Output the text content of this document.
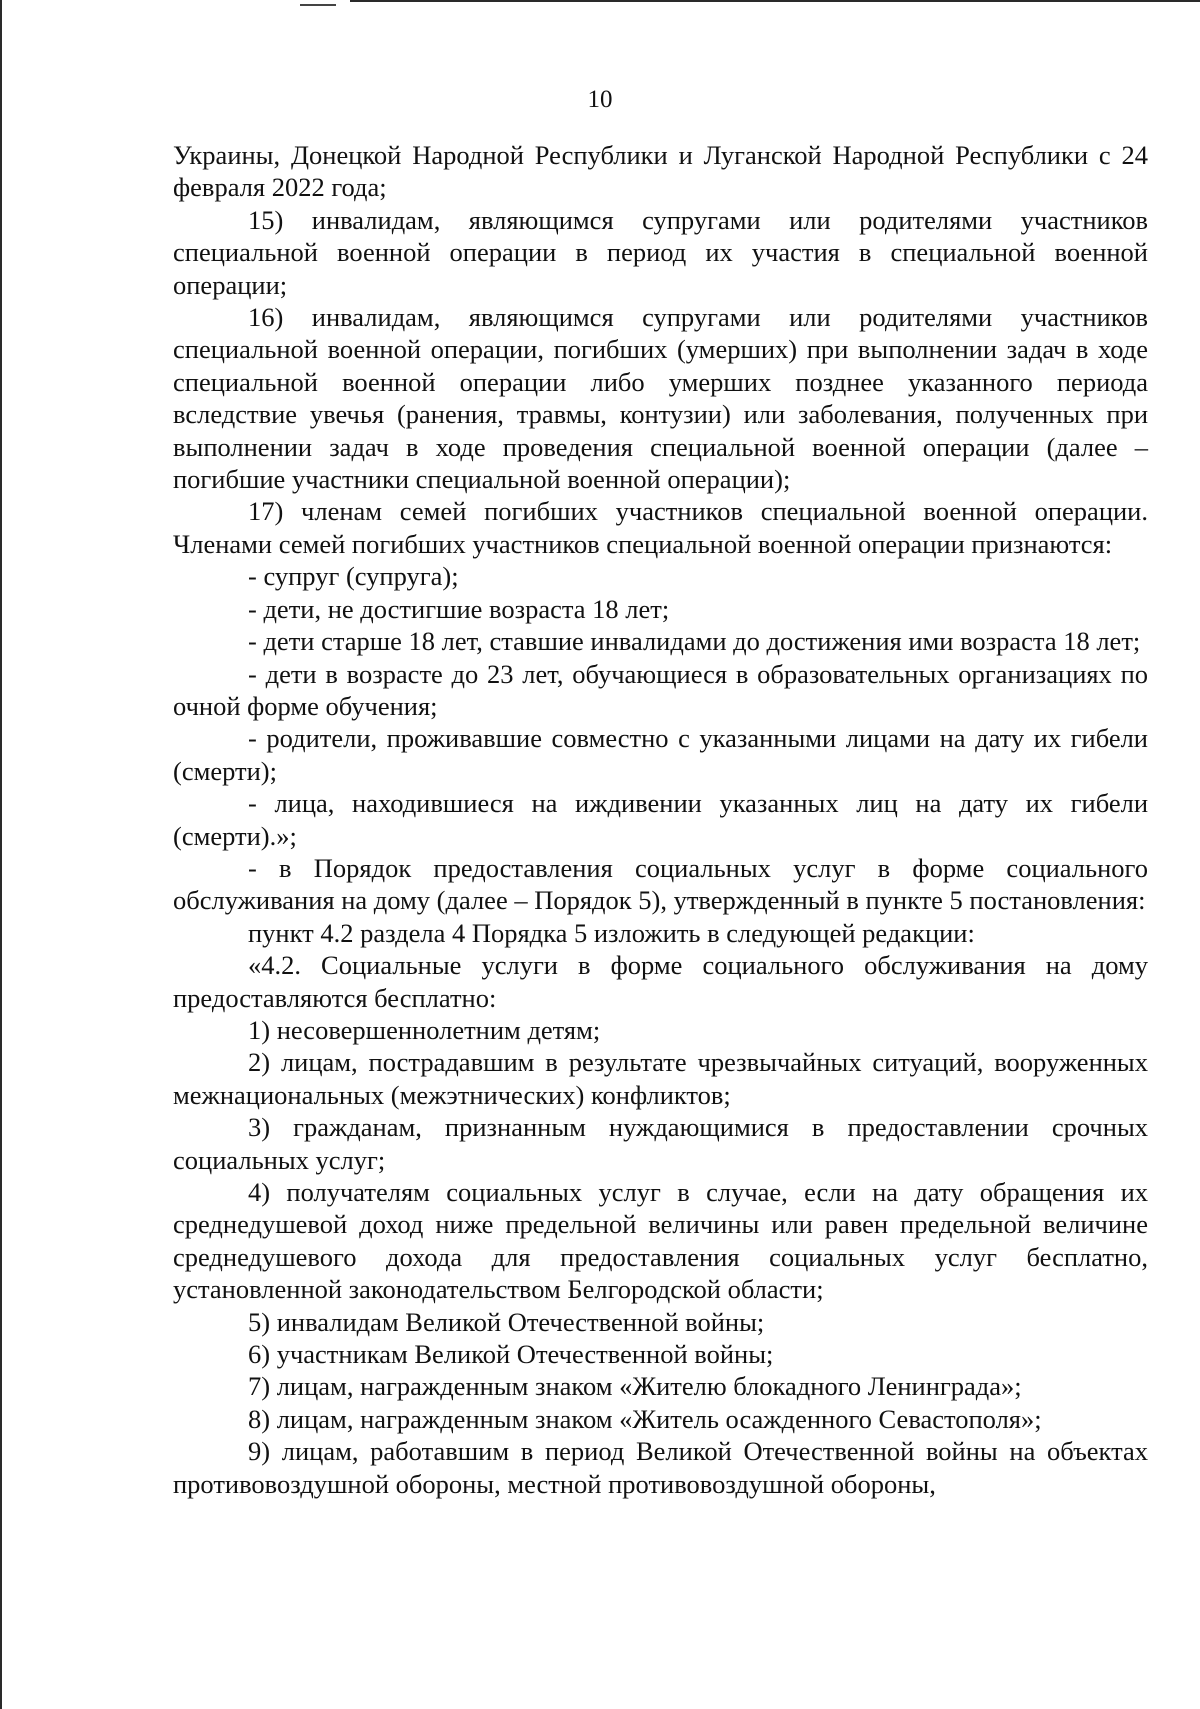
10

Украины, Донецкой Народной Республики и Луганской Народной Республики с 24 февраля 2022 года;

15) инвалидам, являющимся супругами или родителями участников специальной военной операции в период их участия в специальной военной операции;

16) инвалидам, являющимся супругами или родителями участников специальной военной операции, погибших (умерших) при выполнении задач в ходе специальной военной операции либо умерших позднее указанного периода вследствие увечья (ранения, травмы, контузии) или заболевания, полученных при выполнении задач в ходе проведения специальной военной операции (далее – погибшие участники специальной военной операции);

17) членам семей погибших участников специальной военной операции. Членами семей погибших участников специальной военной операции признаются:

- супруг (супруга);

- дети, не достигшие возраста 18 лет;

- дети старше 18 лет, ставшие инвалидами до достижения ими возраста 18 лет;

- дети в возрасте до 23 лет, обучающиеся в образовательных организациях по очной форме обучения;

- родители, проживавшие совместно с указанными лицами на дату их гибели (смерти);

- лица, находившиеся на иждивении указанных лиц на дату их гибели (смерти).»;

- в Порядок предоставления социальных услуг в форме социального обслуживания на дому (далее – Порядок 5), утвержденный в пункте 5 постановления:

пункт 4.2 раздела 4 Порядка 5 изложить в следующей редакции:

«4.2. Социальные услуги в форме социального обслуживания на дому предоставляются бесплатно:

1) несовершеннолетним детям;

2) лицам, пострадавшим в результате чрезвычайных ситуаций, вооруженных межнациональных (межэтнических) конфликтов;

3) гражданам, признанным нуждающимися в предоставлении срочных социальных услуг;

4) получателям социальных услуг в случае, если на дату обращения их среднедушевой доход ниже предельной величины или равен предельной величине среднедушевого дохода для предоставления социальных услуг бесплатно, установленной законодательством Белгородской области;

5) инвалидам Великой Отечественной войны;

6) участникам Великой Отечественной войны;

7) лицам, награжденным знаком «Жителю блокадного Ленинграда»;

8) лицам, награжденным знаком «Житель осажденного Севастополя»;

9) лицам, работавшим в период Великой Отечественной войны на объектах противовоздушной обороны, местной противовоздушной обороны,
